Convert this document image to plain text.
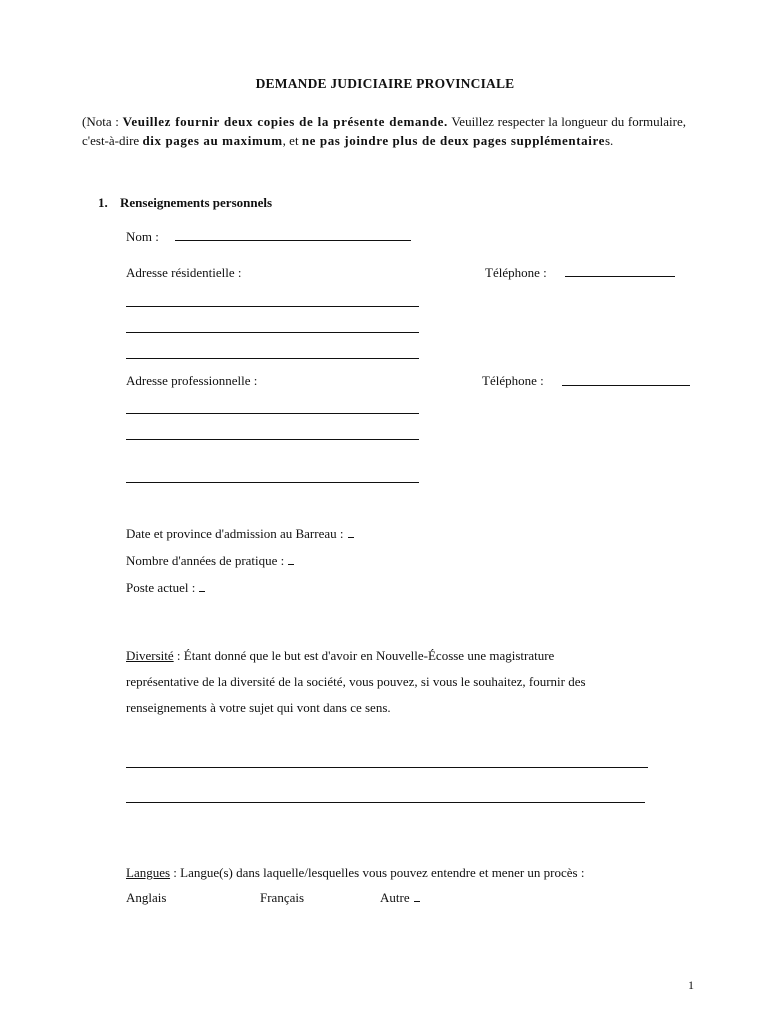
DEMANDE JUDICIAIRE PROVINCIALE
(Nota : Veuillez fournir deux copies de la présente demande. Veuillez respecter la longueur du formulaire, c'est-à-dire dix pages au maximum, et ne pas joindre plus de deux pages supplémentaires.
1. Renseignements personnels
Nom :
Adresse résidentielle :	Téléphone :
Adresse professionnelle :	Téléphone :
Date et province d'admission au Barreau :
Nombre d'années de pratique :
Poste actuel :
Diversité : Étant donné que le but est d'avoir en Nouvelle-Écosse une magistrature
représentative de la diversité de la société, vous pouvez, si vous le souhaitez, fournir des
renseignements à votre sujet qui vont dans ce sens.
Langues : Langue(s) dans laquelle/lesquelles vous pouvez entendre et mener un procès :
Anglais	Français	Autre
1
